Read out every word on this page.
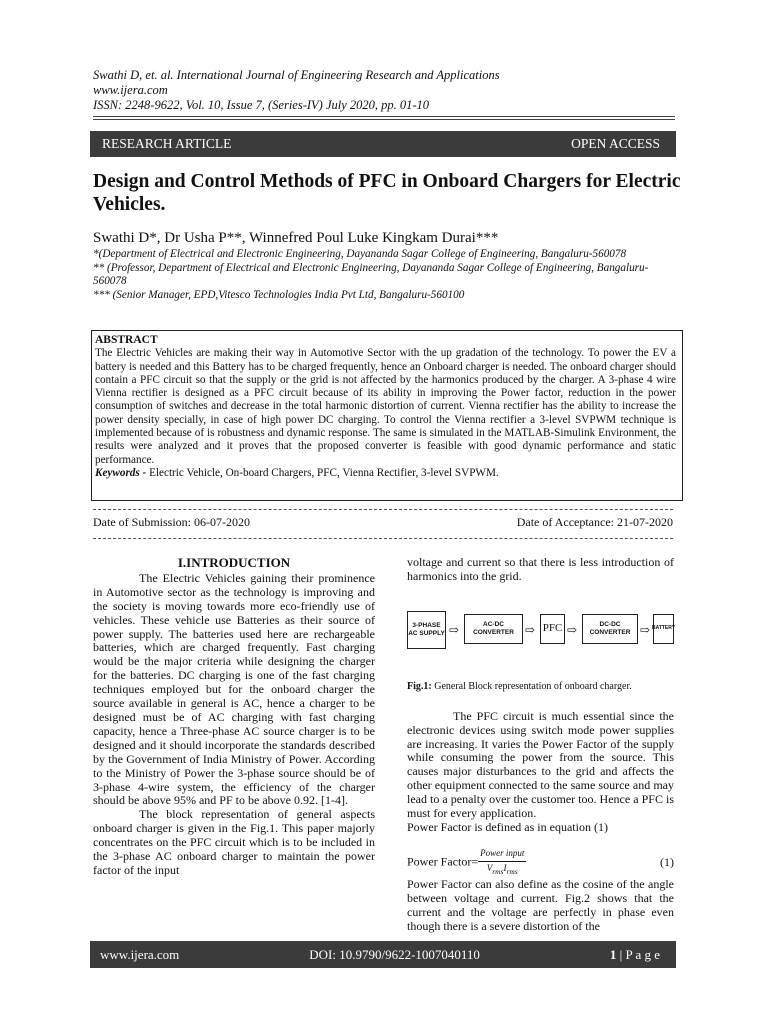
Swathi D, et. al. International Journal of Engineering Research and Applications
www.ijera.com
ISSN: 2248-9622, Vol. 10, Issue 7, (Series-IV) July 2020, pp. 01-10
RESEARCH ARTICLE	OPEN ACCESS
Design and Control Methods of PFC in Onboard Chargers for Electric Vehicles.
Swathi D*, Dr Usha P**, Winnefred Poul Luke Kingkam Durai***
*(Department of Electrical and Electronic Engineering, Dayananda Sagar College of Engineering, Bangaluru-560078
** (Professor, Department of Electrical and Electronic Engineering, Dayananda Sagar College of Engineering, Bangaluru-560078
*** (Senior Manager, EPD,Vitesco Technologies India Pvt Ltd, Bangaluru-560100
ABSTRACT
The Electric Vehicles are making their way in Automotive Sector with the up gradation of the technology. To power the EV a battery is needed and this Battery has to be charged frequently, hence an Onboard charger is needed. The onboard charger should contain a PFC circuit so that the supply or the grid is not affected by the harmonics produced by the charger. A 3-phase 4 wire Vienna rectifier is designed as a PFC circuit because of its ability in improving the Power factor, reduction in the power consumption of switches and decrease in the total harmonic distortion of current. Vienna rectifier has the ability to increase the power density specially, in case of high power DC charging. To control the Vienna rectifier a 3-level SVPWM technique is implemented because of is robustness and dynamic response. The same is simulated in the MATLAB-Simulink Environment, the results were analyzed and it proves that the proposed converter is feasible with good dynamic performance and static performance.
Keywords - Electric Vehicle, On-board Chargers, PFC, Vienna Rectifier, 3-level SVPWM.
Date of Submission: 06-07-2020	Date of Acceptance: 21-07-2020
I.INTRODUCTION

The Electric Vehicles gaining their prominence in Automotive sector as the technology is improving and the society is moving towards more eco-friendly use of vehicles. These vehicle use Batteries as their source of power supply. The batteries used here are rechargeable batteries, which are charged frequently. Fast charging would be the major criteria while designing the charger for the batteries. DC charging is one of the fast charging techniques employed but for the onboard charger the source available in general is AC, hence a charger to be designed must be of AC charging with fast charging capacity, hence a Three-phase AC source charger is to be designed and it should incorporate the standards described by the Government of India Ministry of Power. According to the Ministry of Power the 3-phase source should be of 3-phase 4-wire system, the efficiency of the charger should be above 95% and PF to be above 0.92. [1-4].

The block representation of general aspects onboard charger is given in the Fig.1. This paper majorly concentrates on the PFC circuit which is to be included in the 3-phase AC onboard charger to maintain the power factor of the input

voltage and current so that there is less introduction of harmonics into the grid.

3-PHASE AC SUPPLY ⇨	AC-DC CONVERTER ⇨ PFC ⇨	DC-DC CONVERTER ⇨ BATTERY
Fig.1: General Block representation of onboard charger.

The PFC circuit is much essential since the electronic devices using switch mode power supplies are increasing. It varies the Power Factor of the supply while consuming the power from the source. This causes major disturbances to the grid and affects the other equipment connected to the same source and may lead to a penalty over the customer too. Hence a PFC is must for every application.

Power Factor is defined as in equation (1)

Power Factor= $\frac{\text{Power input}}{V_{rms}I_{rms}}$	(1)

Power Factor can also define as the cosine of the angle between voltage and current. Fig.2 shows that the current and the voltage are perfectly in phase even though there is a severe distortion of the

www.ijera.com	DOI: 10.9790/9622-1007040110	1 | P a g e
